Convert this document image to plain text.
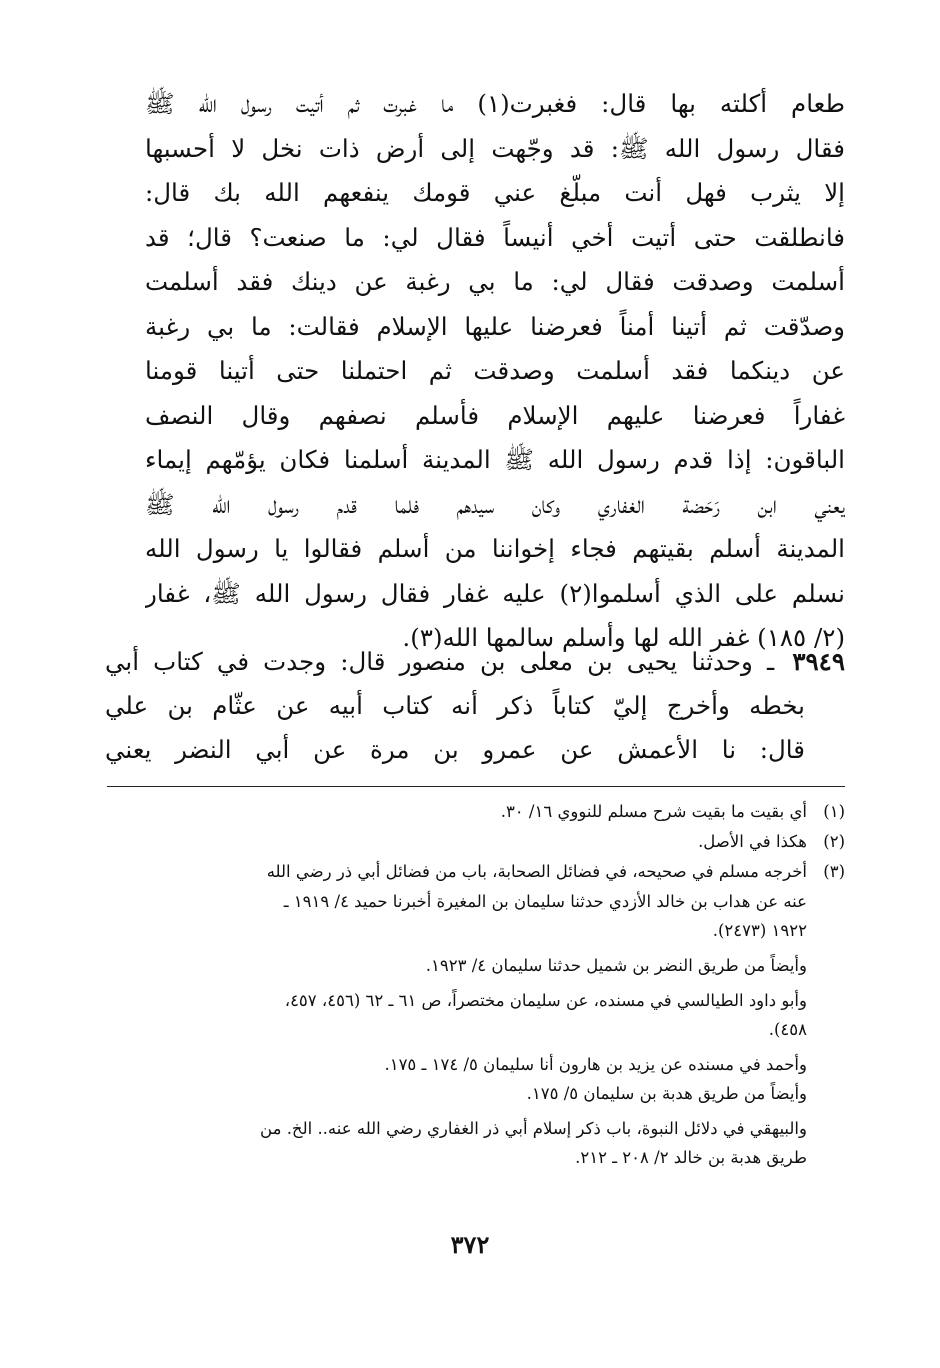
طعام أكلته بها قال: فغبرت(١) ما غبرت ثم أتيت رسول الله ﷺ
فقال رسول الله ﷺ: قد وجّهت إلى أرض ذات نخل لا أحسبها
إلا يثرب فهل أنت مبلّغ عني قومك ينفعهم الله بك قال:
فانطلقت حتى أتيت أخي أنيساً فقال لي: ما صنعت؟ قال؛ قد
أسلمت وصدقت فقال لي: ما بي رغبة عن دينك فقد أسلمت
وصدّقت ثم أتينا أمناً فعرضنا عليها الإسلام فقالت: ما بي رغبة
عن دينكما فقد أسلمت وصدقت ثم احتملنا حتى أتينا قومنا
غفاراً فعرضنا عليهم الإسلام فأسلم نصفهم وقال النصف
الباقون: إذا قدم رسول الله ﷺ المدينة أسلمنا فكان يؤمّهم إيماء
يعني ابن رَحَضة الغفاري وكان سيدهم فلما قدم رسول الله ﷺ
المدينة أسلم بقيتهم فجاء إخواننا من أسلم فقالوا يا رسول الله
نسلم على الذي أسلموا(٢) عليه غفار فقال رسول الله ﷺ، غفار
(٢/ ١٨٥) غفر الله لها وأسلم سالمها الله(٣).
٣٩٤٩ ـ وحدثنا يحيى بن معلى بن منصور قال: وجدت في كتاب أبي
بخطه وأخرج إليّ كتاباً ذكر أنه كتاب أبيه عن عثّام بن علي
قال: نا الأعمش عن عمرو بن مرة عن أبي النضر يعني
(١)أي بقيت ما بقيت شرح مسلم للنووي ١٦/ ٣٠.
(٢)هكذا في الأصل.
(٣)أخرجه مسلم في صحيحه، في فضائل الصحابة، باب من فضائل أبي ذر رضي الله
عنه عن هداب بن خالد الأزدي حدثنا سليمان بن المغيرة أخبرنا حميد ٤/ ١٩١٩ ـ
١٩٢٢ (٢٤٧٣).
وأيضاً من طريق النضر بن شميل حدثنا سليمان ٤/ ١٩٢٣.
وأبو داود الطيالسي في مسنده، عن سليمان مختصراً، ص ٦١ ـ ٦٢ (٤٥٦، ٤٥٧،
٤٥٨).
وأحمد في مسنده عن يزيد بن هارون أنا سليمان ٥/ ١٧٤ ـ ١٧٥.
وأيضاً من طريق هدبة بن سليمان ٥/ ١٧٥.
والبيهقي في دلائل النبوة، باب ذكر إسلام أبي ذر الغفاري رضي الله عنه.. الخ. من
طريق هدبة بن خالد ٢/ ٢٠٨ ـ ٢١٢.
٣٧٢
